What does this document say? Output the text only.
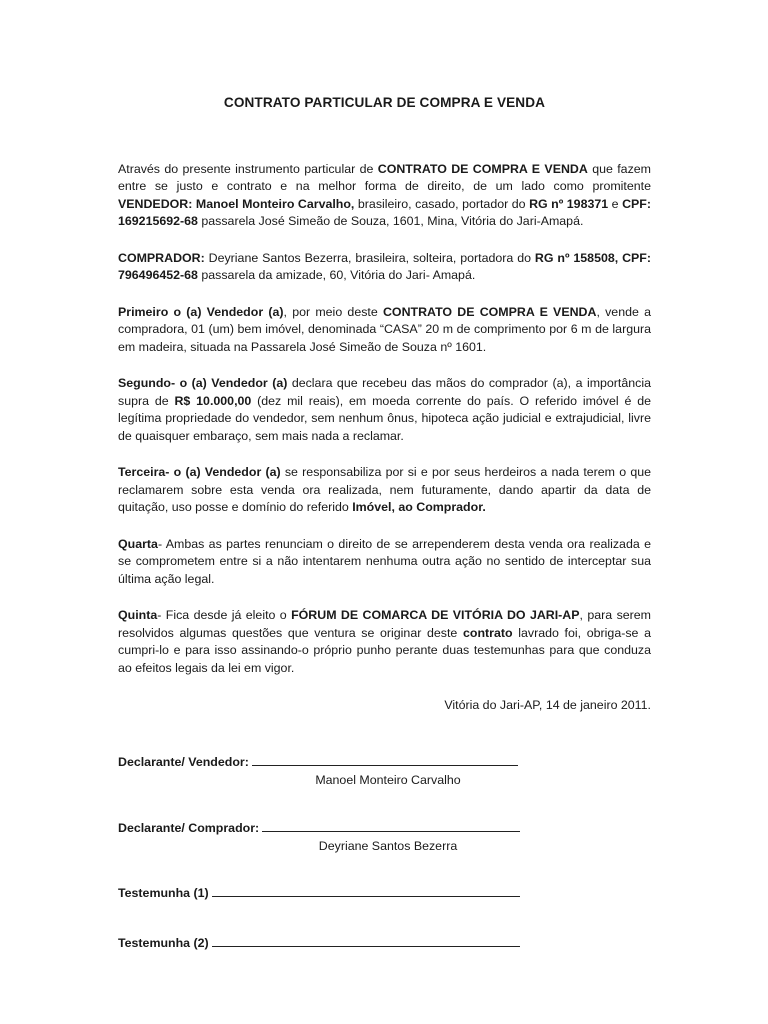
CONTRATO PARTICULAR DE COMPRA E VENDA

Através do presente instrumento particular de CONTRATO DE COMPRA E VENDA que fazem entre se justo e contrato e na melhor forma de direito, de um lado como promitente VENDEDOR: Manoel Monteiro Carvalho, brasileiro, casado, portador do RG nº 198371 e CPF: 169215692-68 passarela José Simeão de Souza, 1601, Mina, Vitória do Jari-Amapá.

COMPRADOR: Deyriane Santos Bezerra, brasileira, solteira, portadora do RG nº 158508, CPF: 796496452-68 passarela da amizade, 60, Vitória do Jari- Amapá.

Primeiro o (a) Vendedor (a), por meio deste CONTRATO DE COMPRA E VENDA, vende a compradora, 01 (um) bem imóvel, denominada “CASA” 20 m de comprimento por 6 m de largura em madeira, situada na Passarela José Simeão de Souza nº 1601.

Segundo- o (a) Vendedor (a) declara que recebeu das mãos do comprador (a), a importância supra de R$ 10.000,00 (dez mil reais), em moeda corrente do país. O referido imóvel é de legítima propriedade do vendedor, sem nenhum ônus, hipoteca ação judicial e extrajudicial, livre de quaisquer embaraço, sem mais nada a reclamar.

Terceira- o (a) Vendedor (a) se responsabiliza por si e por seus herdeiros a nada terem o que reclamarem sobre esta venda ora realizada, nem futuramente, dando apartir da data de quitação, uso posse e domínio do referido Imóvel, ao Comprador.

Quarta- Ambas as partes renunciam o direito de se arrependerem desta venda ora realizada e se comprometem entre si a não intentarem nenhuma outra ação no sentido de interceptar sua última ação legal.

Quinta- Fica desde já eleito o FÓRUM DE COMARCA DE VITÓRIA DO JARI-AP, para serem resolvidos algumas questões que ventura se originar deste contrato lavrado foi, obriga-se a cumpri-lo e para isso assinando-o próprio punho perante duas testemunhas para que conduza ao efeitos legais da lei em vigor.

Vitória do Jari-AP, 14 de janeiro 2011.
Declarante/ Vendedor:
Manoel Monteiro Carvalho
Declarante/ Comprador:
Deyriane Santos Bezerra
Testemunha (1)
Testemunha (2)
